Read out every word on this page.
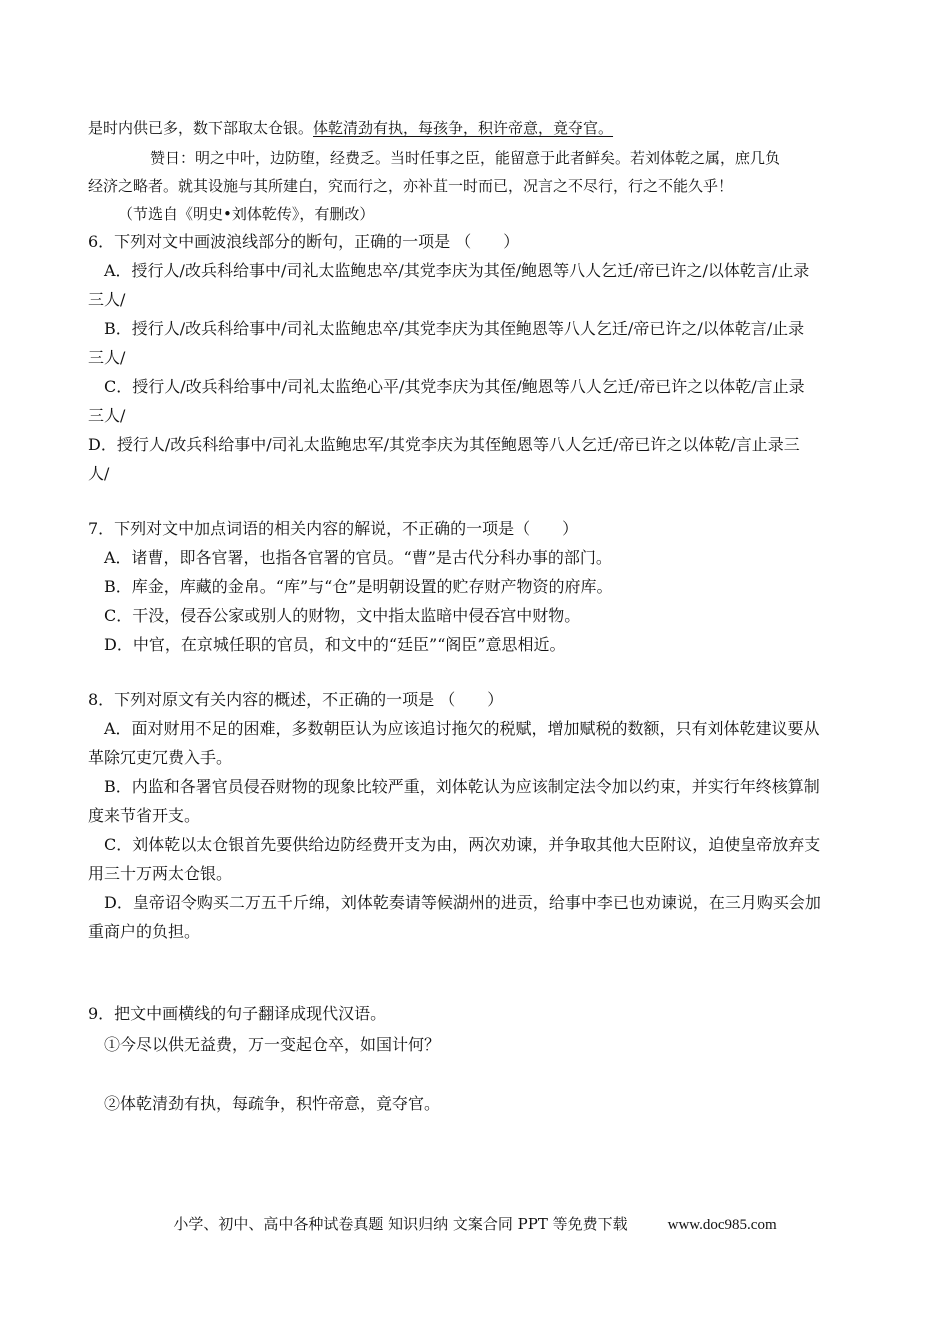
是时内供已多，数下部取太仓银。体乾清劲有执，每孩争，积许帝意，竟夺官。
赞日：明之中叶，边防堕，经费乏。当时任事之臣，能留意于此者鲜矣。若刘体乾之属，庶几负
经济之略者。就其设施与其所建白，究而行之，亦补苴一时而已，况言之不尽行，行之不能久乎！
（节选自《明史•刘体乾传》，有删改）
6．下列对文中画波浪线部分的断句，正确的一项是 （　　）
A．授行人/改兵科给事中/司礼太监鲍忠卒/其党李庆为其侄/鲍恩等八人乞迁/帝已许之/以体乾言/止录
三人/
B．授行人/改兵科给事中/司礼太监鲍忠卒/其党李庆为其侄鲍恩等八人乞迁/帝已许之/以体乾言/止录
三人/
C．授行人/改兵科给事中/司礼太监绝心平/其党李庆为其侄/鲍恩等八人乞迁/帝已许之以体乾/言止录
三人/
D．授行人/改兵科给事中/司礼太监鲍忠军/其党李庆为其侄鲍恩等八人乞迁/帝已许之以体乾/言止录三
人/
7．下列对文中加点词语的相关内容的解说，不正确的一项是（　　）
A．诸曹，即各官署，也指各官署的官员。“曹”是古代分科办事的部门。
B．库金，库藏的金帛。“库”与“仓”是明朝设置的贮存财产物资的府库。
C．干没，侵吞公家或别人的财物，文中指太监暗中侵吞宫中财物。
D．中官，在京城任职的官员，和文中的“廷臣”“阁臣”意思相近。
8．下列对原文有关内容的概述，不正确的一项是 （　　）
A．面对财用不足的困难，多数朝臣认为应该追讨拖欠的税赋，增加赋税的数额，只有刘体乾建议要从
革除冗吏冗费入手。
B．内监和各署官员侵吞财物的现象比较严重，刘体乾认为应该制定法令加以约束，并实行年终核算制
度来节省开支。
C．刘体乾以太仓银首先要供给边防经费开支为由，两次劝谏，并争取其他大臣附议，迫使皇帝放弃支
用三十万两太仓银。
D．皇帝诏令购买二万五千斤绵，刘体乾奏请等候湖州的进贡，给事中李已也劝谏说，在三月购买会加
重商户的负担。
9．把文中画横线的句子翻译成现代汉语。
①今尽以供无益费，万一变起仓卒，如国计何？
②体乾清劲有执，每疏争，积忤帝意，竟夺官。
小学、初中、高中各种试卷真题 知识归纳 文案合同 PPT 等免费下载	www.doc985.com
